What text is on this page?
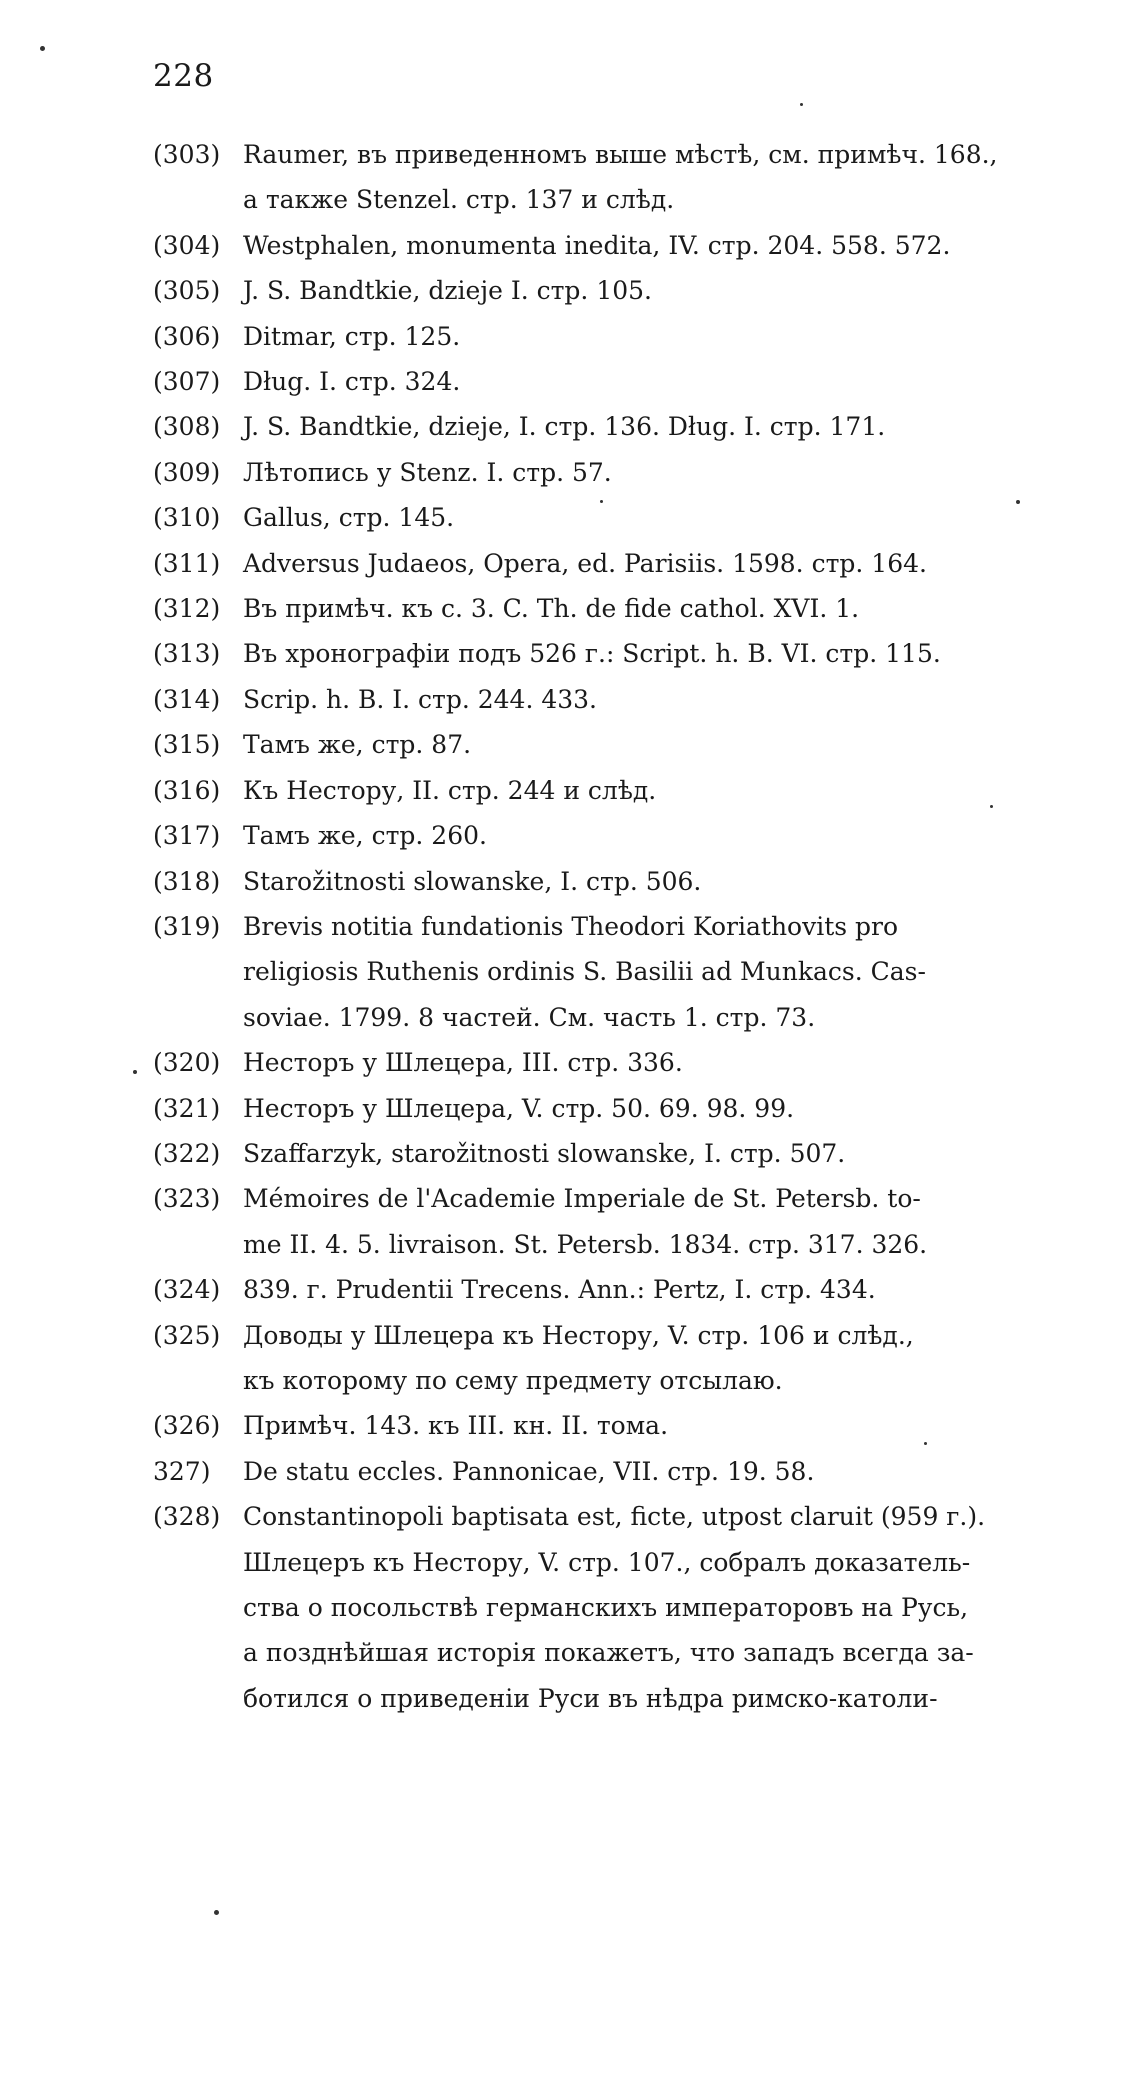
228
(303) Raumer, въ приведенномъ выше мѣстѣ, см. примѣч. 168.,
а также Stenzel. стр. 137 и слѣд.
(304) Westphalen, monumenta inedita, IV. стр. 204. 558. 572.
(305) J. S. Bandtkie, dzieje I. стр. 105.
(306) Ditmar, стр. 125.
(307) Dług. I. стр. 324.
(308) J. S. Bandtkie, dzieje, I. стр. 136. Dług. I. стр. 171.
(309) Лѣтопись у Stenz. I. стр. 57.
(310) Gallus, стр. 145.
(311) Adversus Judaeos, Opera, ed. Parisiis. 1598. стр. 164.
(312) Въ примѣч. къ с. 3. C. Th. de fide cathol. XVI. 1.
(313) Въ хронографіи подъ 526 г.: Script. h. B. VI. стр. 115.
(314) Scrip. h. B. I. стр. 244. 433.
(315) Тамъ же, стр. 87.
(316) Къ Нестору, II. стр. 244 и слѣд.
(317) Тамъ же, стр. 260.
(318) Starožitnosti slowanske, I. стр. 506.
(319) Brevis notitia fundationis Theodori Koriathovits pro
religiosis Ruthenis ordinis S. Basilii ad Munkacs. Cas-
soviae. 1799. 8 частей. См. часть 1. стр. 73.
(320) Несторъ у Шлецера, III. стр. 336.
(321) Несторъ у Шлецера, V. стр. 50. 69. 98. 99.
(322) Szaffarzyk, starožitnosti slowanske, I. стр. 507.
(323) Mémoires de l'Academie Imperiale de St. Petersb. to-
me II. 4. 5. livraison. St. Petersb. 1834. стр. 317. 326.
(324) 839. г. Prudentii Trecens. Ann.: Pertz, I. стр. 434.
(325) Доводы у Шлецера къ Нестору, V. стр. 106 и слѣд.,
къ которому по сему предмету отсылаю.
(326) Примѣч. 143. къ III. кн. II. тома.
327)	De statu eccles. Pannonicae, VII. стр. 19. 58.
(328) Constantinopoli baptisata est, ficte, utpost claruit (959 г.).
Шлецеръ къ Нестору, V. стр. 107., собралъ доказатель-
ства о посольствѣ германскихъ императоровъ на Русь,
а позднѣйшая исторія покажетъ, что западъ всегда за-
ботился о приведеніи Руси въ нѣдра римско-католи-
